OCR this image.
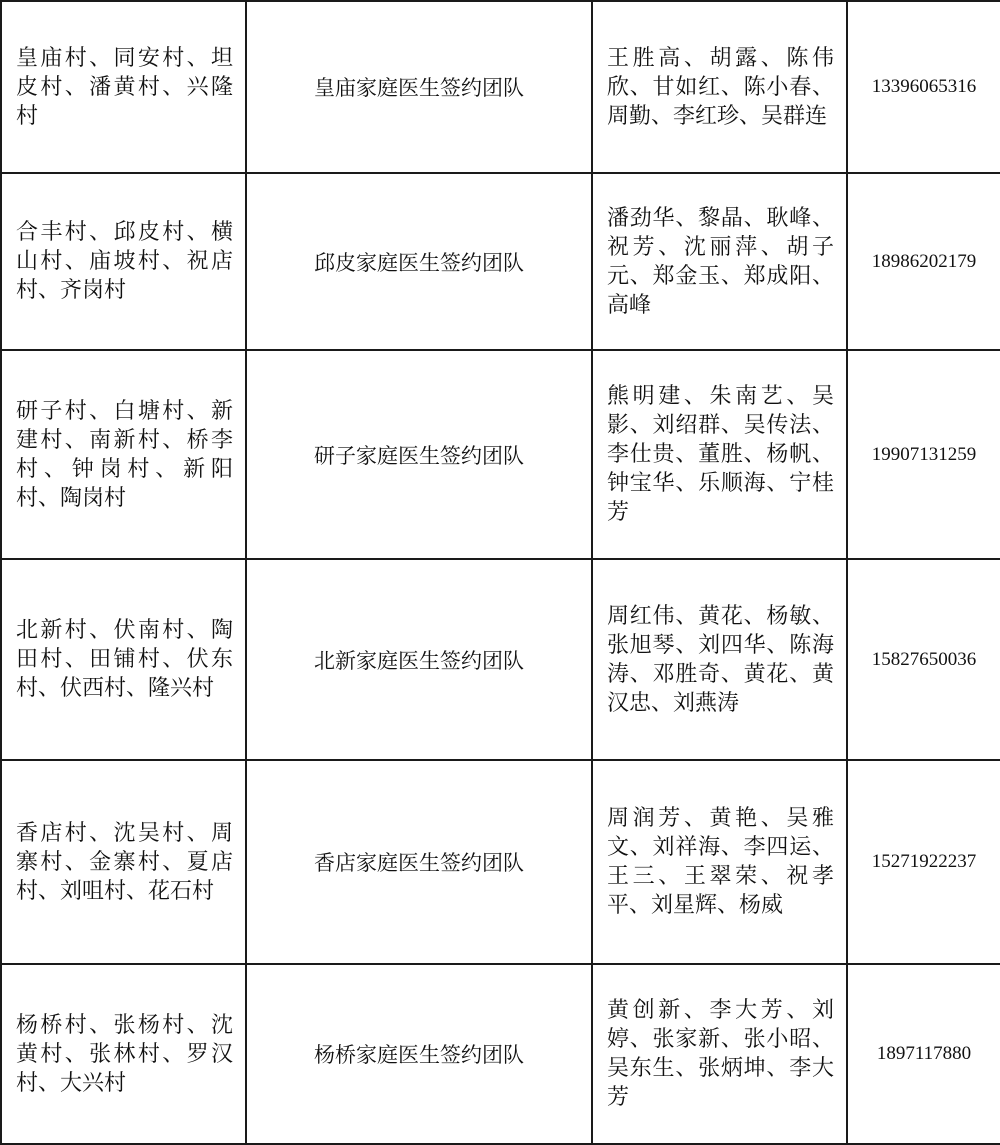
皇庙村、同安村、坦皮村、潘黄村、兴隆村	皇庙家庭医生签约团队	王胜高、胡露、陈伟欣、甘如红、陈小春、周勤、李红珍、吴群连	13396065316
合丰村、邱皮村、横山村、庙坡村、祝店村、齐岗村	邱皮家庭医生签约团队	潘劲华、黎晶、耿峰、祝芳、沈丽萍、胡子元、郑金玉、郑成阳、高峰	18986202179
研子村、白塘村、新建村、南新村、桥李村、钟岗村、新阳村、陶岗村	研子家庭医生签约团队	熊明建、朱南艺、吴影、刘绍群、吴传法、李仕贵、董胜、杨帆、钟宝华、乐顺海、宁桂芳	19907131259
北新村、伏南村、陶田村、田铺村、伏东村、伏西村、隆兴村	北新家庭医生签约团队	周红伟、黄花、杨敏、张旭琴、刘四华、陈海涛、邓胜奇、黄花、黄汉忠、刘燕涛	15827650036
香店村、沈吴村、周寨村、金寨村、夏店村、刘咀村、花石村	香店家庭医生签约团队	周润芳、黄艳、吴雅文、刘祥海、李四运、王三、王翠荣、祝孝平、刘星辉、杨威	15271922237
杨桥村、张杨村、沈黄村、张林村、罗汉村、大兴村	杨桥家庭医生签约团队	黄创新、李大芳、刘婷、张家新、张小昭、吴东生、张炳坤、李大芳	1897117880
